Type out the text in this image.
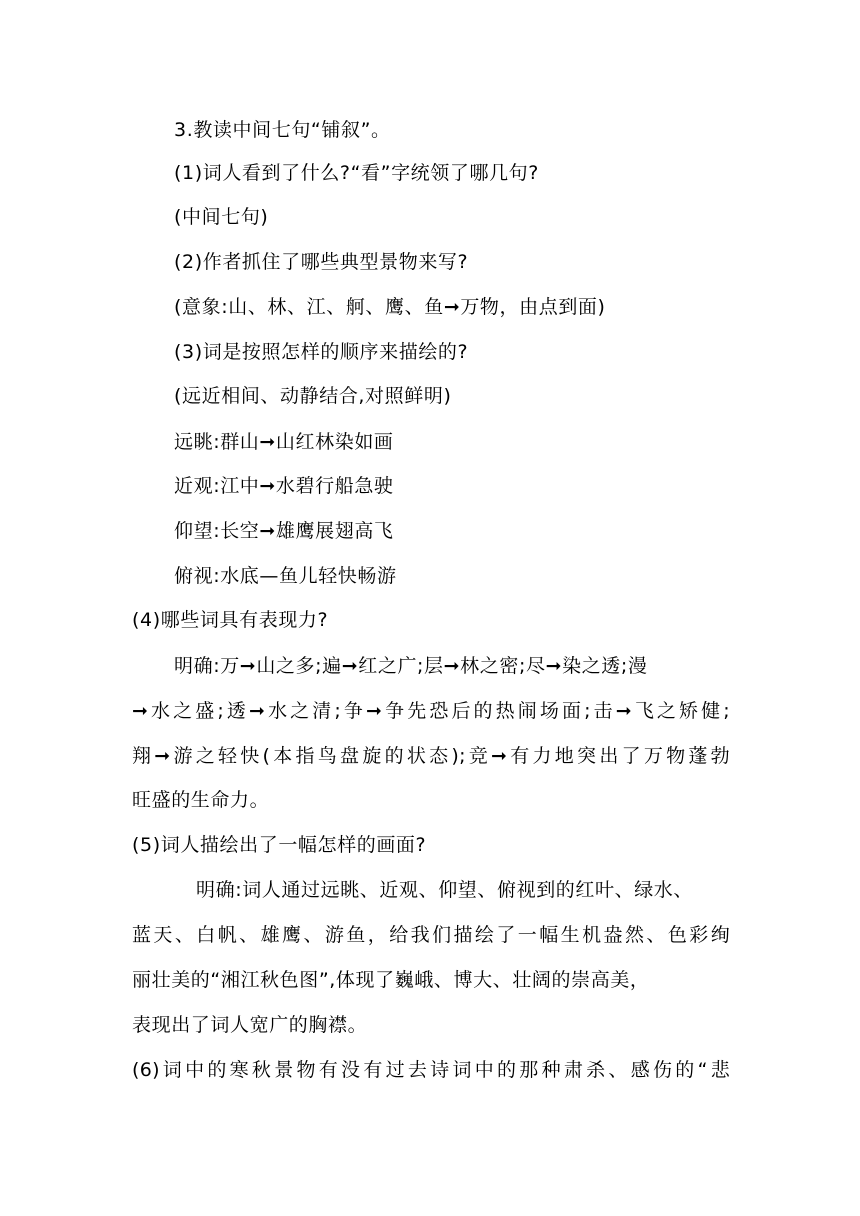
3.教读中间七句“铺叙”。
(1)词人看到了什么?“看”字统领了哪几句?
(中间七句)
(2)作者抓住了哪些典型景物来写?
(意象:山、林、江、舸、鹰、鱼➞万物，由点到面)
(3)词是按照怎样的顺序来描绘的?
(远近相间、动静结合,对照鲜明)
远眺:群山➞山红林染如画
近观:江中➞水碧行船急驶
仰望:长空➞雄鹰展翅高飞
俯视:水底—鱼儿轻快畅游
(4)哪些词具有表现力?
明确:万➞山之多;遍➞红之广;层➞林之密;尽➞染之透;漫
➞水之盛;透➞水之清;争➞争先恐后的热闹场面;击➞飞之矫健;
翔➞游之轻快(本指鸟盘旋的状态);竞➞有力地突出了万物蓬勃
旺盛的生命力。
(5)词人描绘出了一幅怎样的画面?
明确:词人通过远眺、近观、仰望、俯视到的红叶、绿水、
蓝天、白帆、雄鹰、游鱼，给我们描绘了一幅生机盎然、色彩绚
丽壮美的“湘江秋色图”,体现了巍峨、博大、壮阔的崇高美，
表现出了词人宽广的胸襟。
(6)词中的寒秋景物有没有过去诗词中的那种肃杀、感伤的“悲
